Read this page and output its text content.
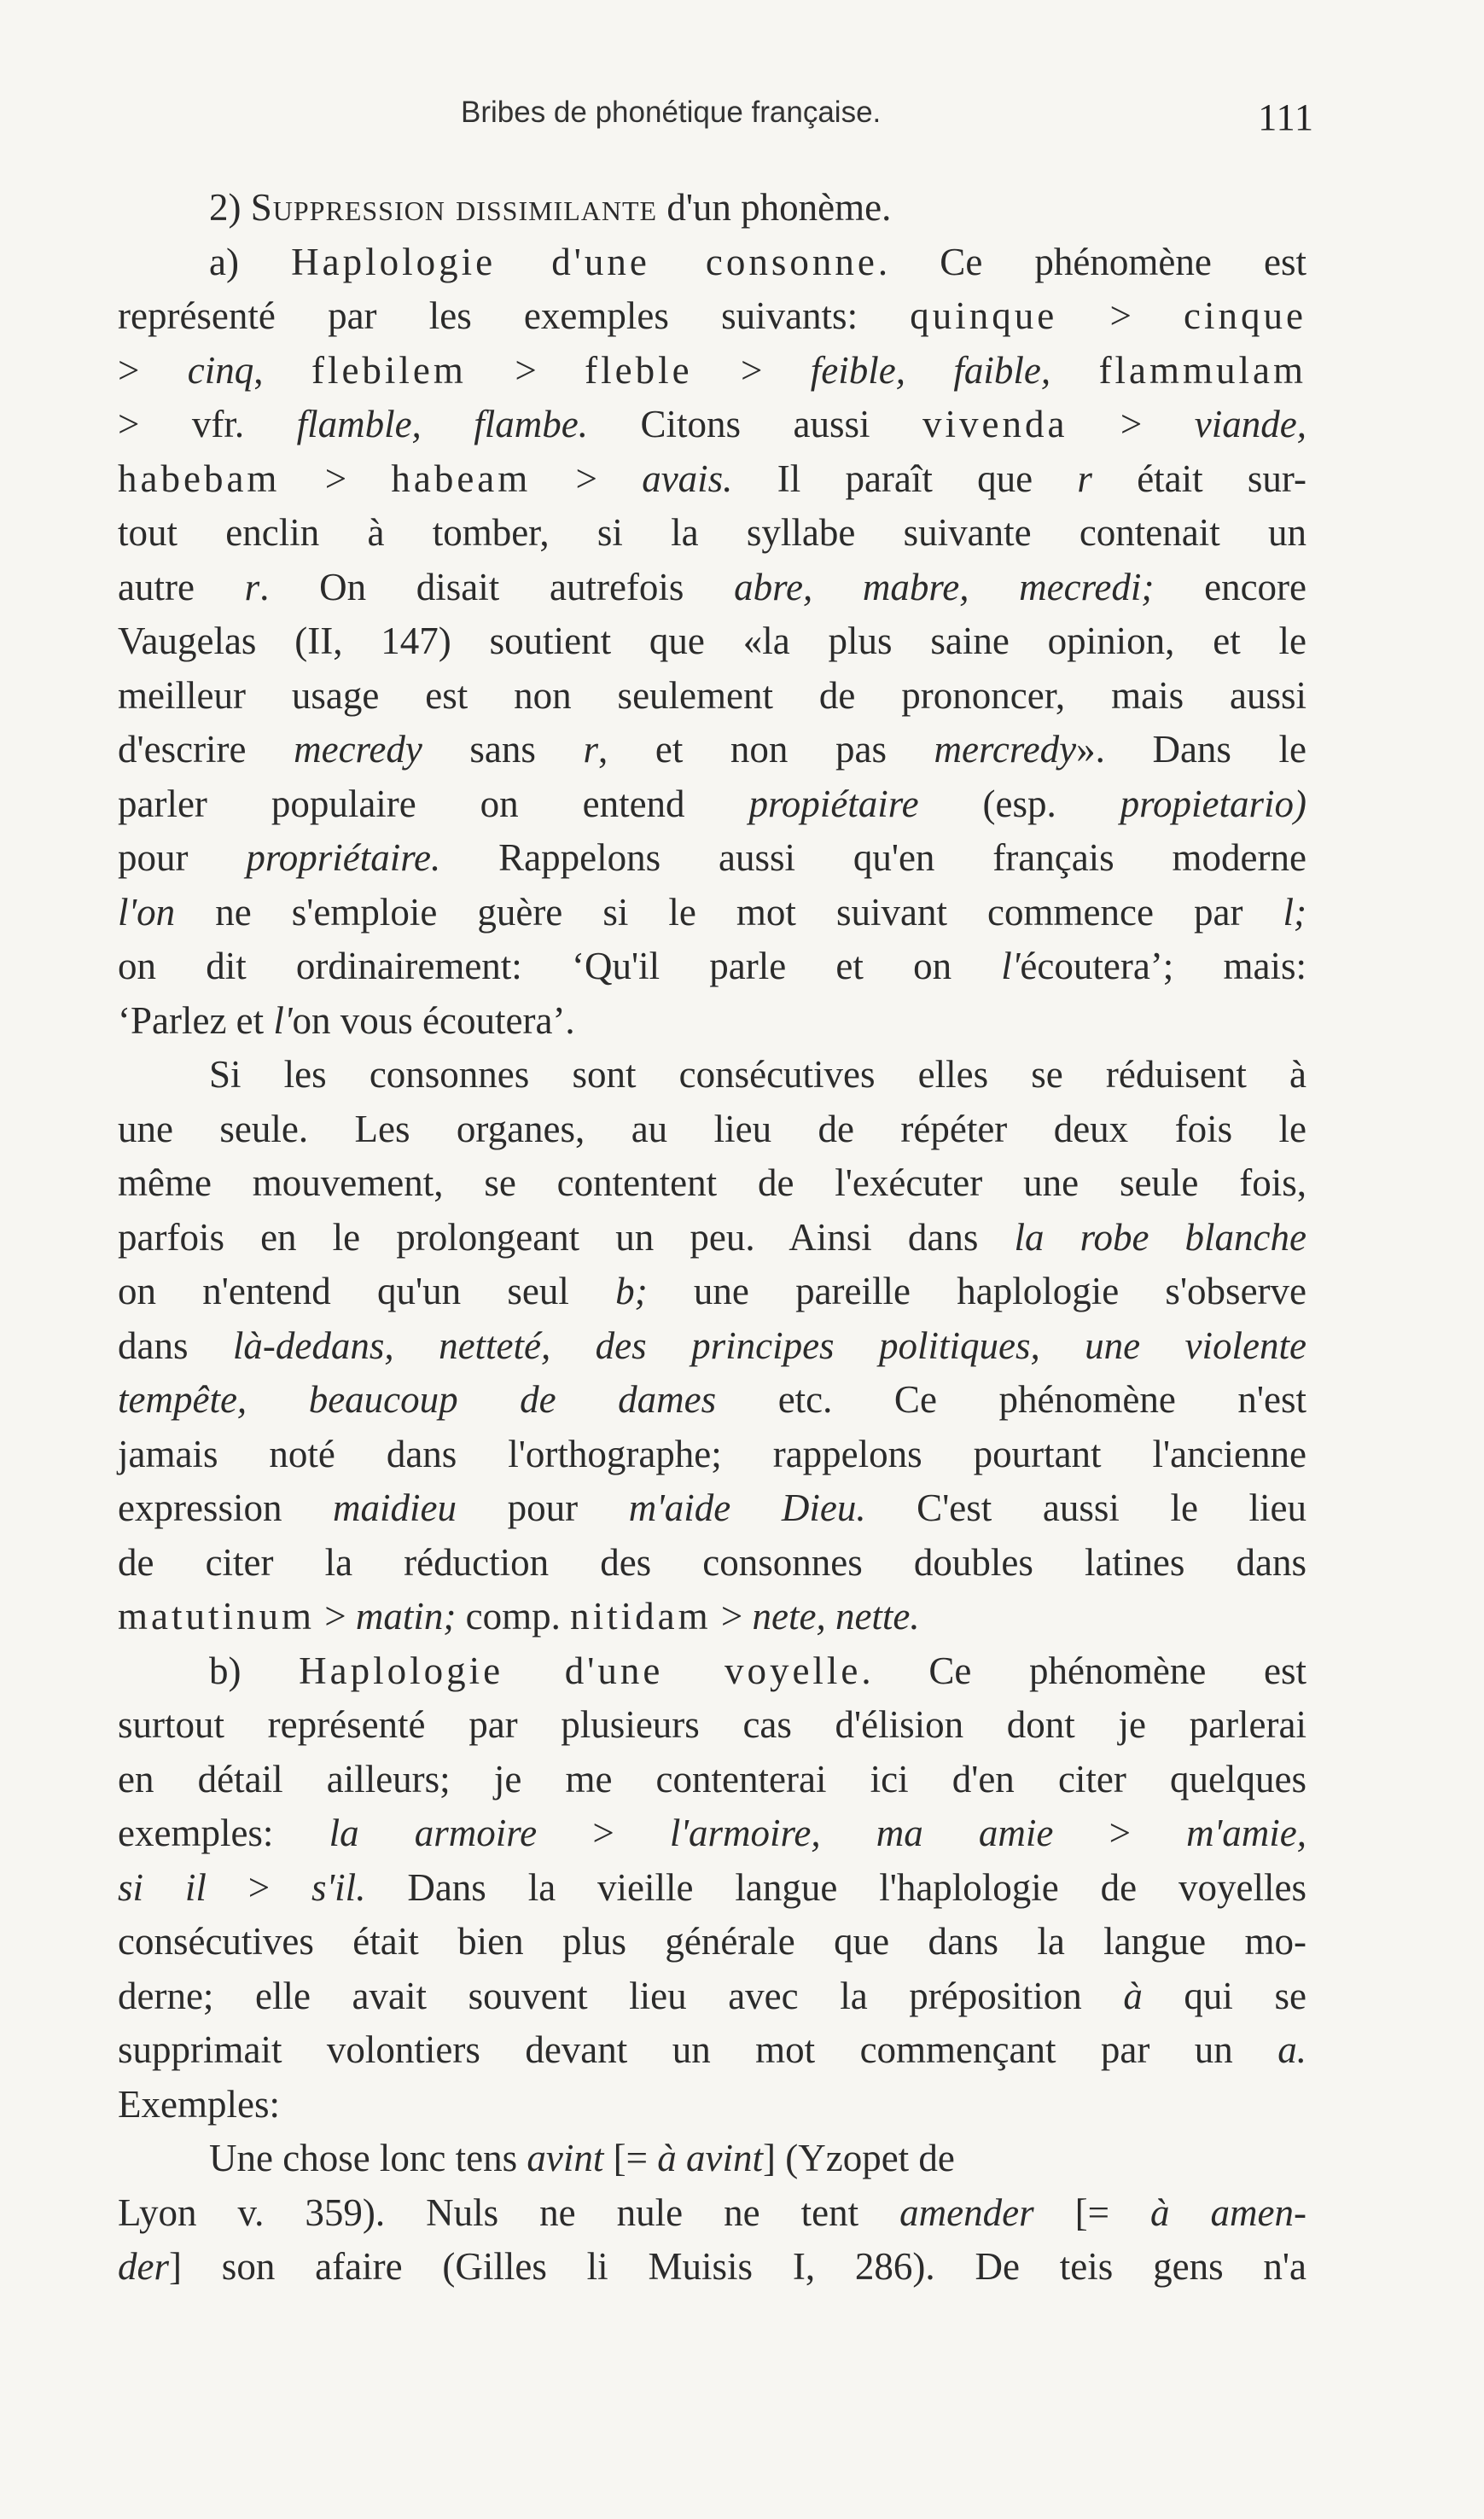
Bribes de phonétique française.	111
2) Suppression dissimilante d'un phonème.
a) Haplologie d'une consonne. Ce phénomène est
représenté par les exemples suivants: quinque > cinque
> cinq, flebilem > fleble > feible, faible, flammulam
> vfr. flamble, flambe. Citons aussi vivenda > viande,
habebam > habeam > avais. Il paraît que r était sur-
tout enclin à tomber, si la syllabe suivante contenait un
autre r. On disait autrefois abre, mabre, mecredi; encore
Vaugelas (II, 147) soutient que «la plus saine opinion, et le
meilleur usage est non seulement de prononcer, mais aussi
d'escrire mecredy sans r, et non pas mercredy». Dans le
parler populaire on entend propiétaire (esp. propietario)
pour propriétaire. Rappelons aussi qu'en français moderne
l'on ne s'emploie guère si le mot suivant commence par l;
on dit ordinairement: ‘Qu'il parle et on l'écoutera’; mais:
‘Parlez et l'on vous écoutera’.
Si les consonnes sont consécutives elles se réduisent à
une seule. Les organes, au lieu de répéter deux fois le
même mouvement, se contentent de l'exécuter une seule fois,
parfois en le prolongeant un peu. Ainsi dans la robe blanche
on n'entend qu'un seul b; une pareille haplologie s'observe
dans là-dedans, netteté, des principes politiques, une violente
tempête, beaucoup de dames etc. Ce phénomène n'est
jamais noté dans l'orthographe; rappelons pourtant l'ancienne
expression maidieu pour m'aide Dieu. C'est aussi le lieu
de citer la réduction des consonnes doubles latines dans
matutinum > matin; comp. nitidam > nete, nette.
b) Haplologie d'une voyelle. Ce phénomène est
surtout représenté par plusieurs cas d'élision dont je parlerai
en détail ailleurs; je me contenterai ici d'en citer quelques
exemples: la armoire > l'armoire, ma amie > m'amie,
si il > s'il. Dans la vieille langue l'haplologie de voyelles
consécutives était bien plus générale que dans la langue mo-
derne; elle avait souvent lieu avec la préposition à qui se
supprimait volontiers devant un mot commençant par un a.
Exemples:
Une chose lonc tens avint [= à avint] (Yzopet de
Lyon v. 359). Nuls ne nule ne tent amender [= à amen-
der] son afaire (Gilles li Muisis I, 286). De teis gens n'a
